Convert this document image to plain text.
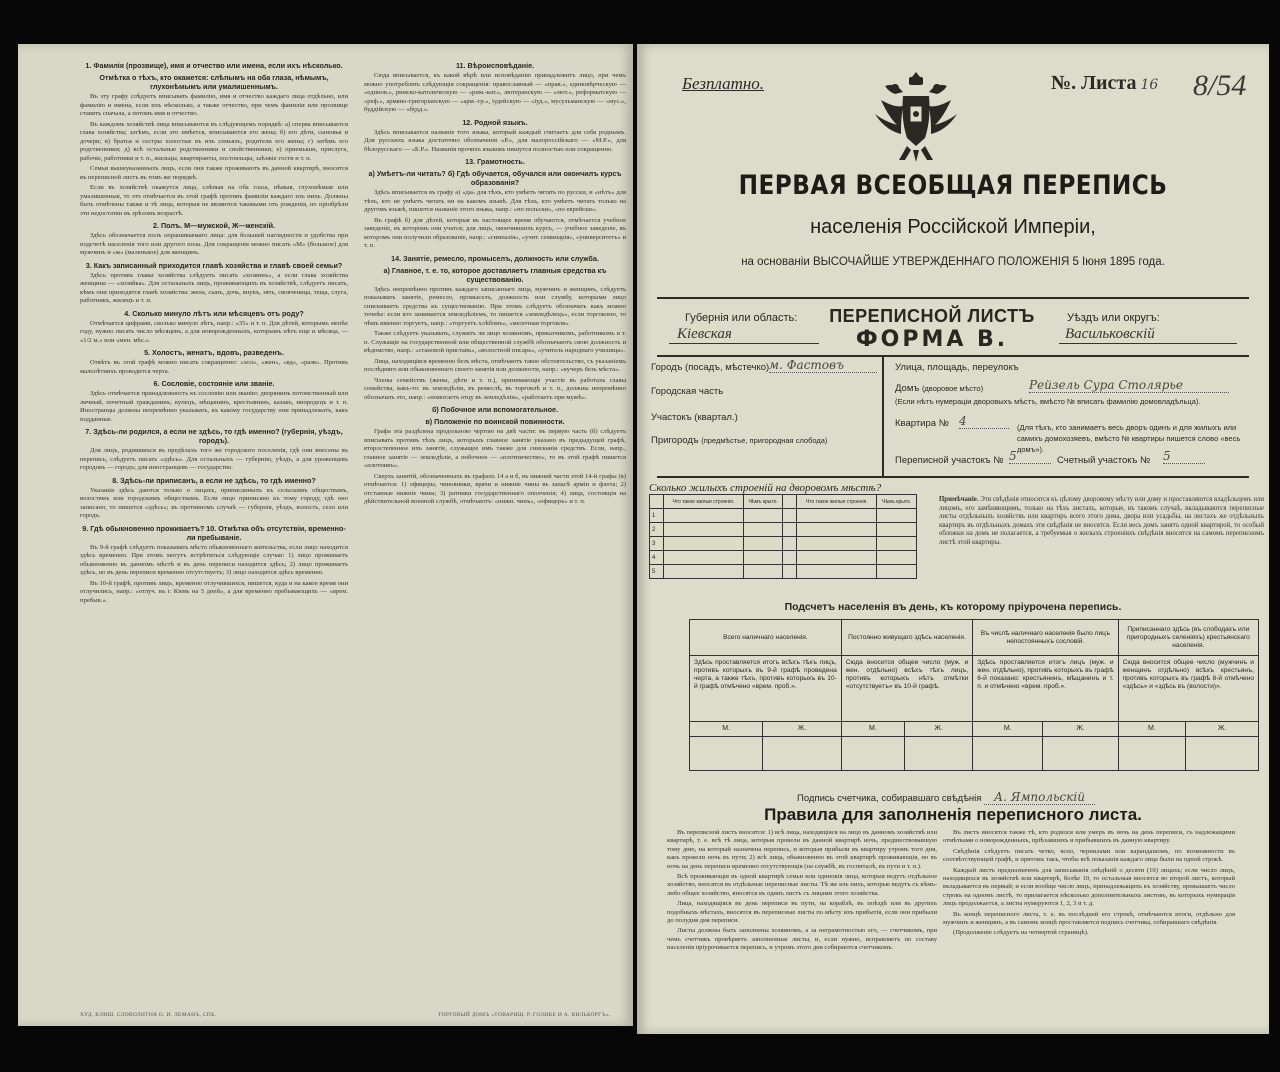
1. Фамилія (прозвище), имя и отчество или имена, если ихъ нѣсколько.
Отмѣтка о тѣхъ, кто окажется: слѣпымъ на оба глаза, нѣмымъ, глухонѣмымъ или умалишеннымъ.

Въ эту графу слѣдуетъ вписывать фамилію, имя и отчество каждаго лица отдѣльно, или фамилію и имена, если ихъ нѣсколько, а также отчество, при чемъ фамиліи или прозвище ставятъ сначала, а потомъ имя и отчество.

Въ каждомъ хозяйствѣ лица вписываются въ слѣдующемъ порядкѣ: а) сперва вписывается глава хозяйства; затѣмъ, если это имѣется, вписываются его жена; б) его дѣти, сыновья и дочери; в) братья и сестры холостые въ ихъ семьяхъ, родители его жены; г) затѣмъ его родственники; д) всѣ остальные родственники и свойственники; е) приемыши, прислуга, рабочіе, работники и т. п., жильцы, квартиранты, постояльцы, заѣзжіе гости и т. п.

Семьи вышеуказанныхъ лицъ, если они также проживаютъ въ данной квартирѣ, вносятся въ переписной листъ въ томъ же порядкѣ.

Если въ хозяйствѣ окажутся лица, слѣпыя на оба глаза, нѣмыя, глухонѣмыя или умалишенныя, то это отмѣчается въ этой графѣ противъ фамиліи каждаго изъ нихъ. Должны быть отмѣчены также и тѣ лица, которыя не являются таковыми отъ рожденія, но пріобрѣли эти недостатки въ зрѣломъ возрастѣ.

2. Полъ. М—мужской, Ж—женскій.

Здѣсь обозначается полъ опрашиваемаго лица: для большей наглядности и удобства при подсчетѣ населенія того или другого пола. Для сокращенія можно писать «М» (большое) для мужчинъ и «ж» (маленькое) для женщинъ.

3. Какъ записанный приходится главѣ хозяйства и главѣ своей семьи?

Здѣсь противъ главы хозяйства слѣдуетъ писать «хозяинъ», а если глава хозяйства женщина — «хозяйка». Для остальныхъ лицъ, проживающихъ въ хозяйствѣ, слѣдуетъ писать, кѣмъ они приходятся главѣ хозяйства: жена, сынъ, дочь, внукъ, зять, свояченица, теща, слуга, работникъ, жилецъ и т. п.

4. Сколько минуло лѣтъ или мѣсяцевъ отъ роду?

Отмѣчается цифрами, сколько минуло лѣтъ, напр.: «35» и т. п. Для дѣтей, которымъ менѣе году, нужно писать число мѣсяцевъ, а для новорожденныхъ, которымъ нѣтъ еще и мѣсяца, — «1/2 м.» или «мен. мѣс.».

5. Холостъ, женатъ, вдовъ, разведенъ.

Отвѣтъ въ этой графѣ можно писать сокращенно: «хол», «жен», «вд», «разв». Противъ малолѣтнихъ проводится черта.

6. Сословіе, состояніе или званіе.

Здѣсь отмѣчается принадлежность къ сословію или званію: дворянинъ потомственный или личный, почетный гражданинъ, купецъ, мѣщанинъ, крестьянинъ, казакъ, инородецъ и т. п. Иностранцы должны непремѣнно указывать, къ какому государству они принадлежатъ, какъ подданные.

7. Здѣсь-ли родился, а если не здѣсь, то гдѣ именно? (губернія, уѣздъ, городъ).

Для лицъ, родившихся въ предѣлахъ того же городского поселенія, гдѣ они внесены въ перепись, слѣдуетъ писать «здѣсь». Для остальныхъ — губернію, уѣздъ, а для уроженцевъ городовъ — городъ; для иностранцевъ — государство.

8. Здѣсь-ли приписанъ, а если не здѣсь, то гдѣ именно?

Указанія здѣсь даются только о лицахъ, приписанныхъ къ сельскимъ обществамъ, волостямъ или городскимъ обществамъ. Если лицо приписано къ тому городу, гдѣ оно записано, то пишется «здѣсь»; въ противномъ случаѣ — губернія, уѣздъ, волость, село или городъ.

9. Гдѣ обыкновенно проживаетъ? 10. Отмѣтка объ отсутствіи, временно-ли пребываніе.

Въ 9-й графѣ слѣдуетъ показывать мѣсто обыкновеннаго жительства, если лицо находится здѣсь временно. При этомъ могутъ встрѣтиться слѣдующіе случаи: 1) лицо проживаетъ обыкновенно въ данномъ мѣстѣ и въ день переписи находится здѣсь; 2) лицо проживаетъ здѣсь, но въ день переписи временно отсутствуетъ; 3) лицо находится здѣсь временно.

Въ 10-й графѣ, противъ лицъ, временно отлучившихся, пишется, куда и на какое время они отлучились, напр.: «отлуч. въ г. Кіевъ на 5 дней», а для временно пребывающихъ — «врем. пребыв.».

11. Вѣроисповѣданіе.

Сюда вписывается, къ какой вѣрѣ или исповѣданію принадлежитъ лицо, при чемъ можно употреблять слѣдующія сокращенія: православный — «прав.», единовѣрческую — «единов.», римско-католическую — «рим.-кат.», лютеранскую — «лют.», реформатскую — «реф.», армяно-григоріанскую — «арм.-гр.», іудейскую — «іуд.», мусульманскую — «мус.», буддійскую — «будд.».

12. Родной языкъ.

Здѣсь вписывается названіе того языка, который каждый считаетъ для себя роднымъ. Для русскихъ языка достаточно обозначенія «Р.», для малороссійскаго — «М.Р.», для бѣлорусскаго — «Б.Р.». Названія прочихъ языковъ пишутся полностью или сокращенно.

13. Грамотность.
а) Умѣетъ-ли читать? б) Гдѣ обучается, обучался или окончилъ курсъ образованія?

Здѣсь вписывается въ графу а) «да» для тѣхъ, кто умѣетъ читать по русски, и «нѣтъ» для тѣхъ, кто не умѣетъ читать ни на какомъ языкѣ. Для тѣхъ, кто умѣетъ читать только на другомъ языкѣ, пишется названіе этого языка, напр.: «по польски», «по еврейски».

Въ графѣ б) для дѣтей, которыя въ настоящее время обучаются, отмѣчается учебное заведеніе, въ которомъ они учатся; для лицъ, окончившихъ курсъ, — учебное заведеніе, въ которомъ они получили образованіе, напр.: «гимназія», «учит. семинарія», «университетъ» и т. п.

14. Занятіе, ремесло, промыселъ, должность или служба.
а) Главное, т. е. то, которое доставляетъ главныя средства къ существованію.

Здѣсь непремѣнно противъ каждаго записаннаго лица, мужчинъ и женщинъ, слѣдуетъ показывать занятіе, ремесло, промыселъ, должность или службу, которыми лицо снискиваетъ средства къ существованію. При этомъ слѣдуетъ обозначать какъ можно точнѣе: если кто занимается земледѣліемъ, то пишется «земледѣлецъ», если торговлею, то чѣмъ именно торгуетъ, напр.: «торгуетъ хлѣбомъ», «мелочная торговля».

Также слѣдуетъ указывать, служитъ ли лицо хозяиномъ, приказчикомъ, работникомъ и т. п. Служащіе на государственной или общественной службѣ обозначаютъ свою должность и вѣдомство, напр.: «становой приставъ», «волостной писарь», «учитель народнаго училища».

Лица, находящіяся временно безъ мѣста, отмѣчаютъ такое обстоятельство, съ указаніемъ послѣдняго или обыкновеннаго своего занятія или должности, напр.: «кучеръ безъ мѣста».

Члены семействъ (жены, дѣти и т. п.), принимающіе участіе въ работахъ главы семейства, какъ-то: въ земледѣліи, въ ремеслѣ, въ торговлѣ и т. п., должны непремѣнно обозначать это, напр.: «помогаетъ отцу въ земледѣліи», «работаетъ при мужѣ».

б) Побочное или вспомогательное.
в) Положеніе по воинской повинности.

Графа эта раздѣлена продольною чертою на двѣ части: въ первую часть (б) слѣдуетъ вписывать противъ тѣхъ лицъ, которыхъ главное занятіе указано въ предыдущей графѣ, второстепенное ихъ занятіе, служащее имъ также для снисканія средствъ. Если, напр., главное занятіе — земледѣліе, а побочное — «плотничество», то въ этой графѣ пишется «плотникъ».

Сверхъ занятій, обозначенныхъ въ графахъ 14 а и б, въ нижней части этой 14-й графы (в) отмѣчается: 1) офицеры, чиновники, врачи и нижніе чины въ запасѣ арміи и флота; 2) отставные нижніе чины; 3) ратники государственнаго ополченія; 4) лица, состоящія на дѣйствительной военной службѣ, отмѣчаютъ: «нижн. чинъ», «офицеръ» и т. п.

ХУД. КЛИШ. СЛОВОЛИТНЯ О. И. ЛЕМАНЪ, СПБ.	ТОРГОВЫЙ ДОМЪ «ТОВАРИЩ. Р. ГОЛИКЕ И А. ВИЛЬБОРГЪ».
Безплатно.	№. Листа 16 8/54
ПЕРВАЯ ВСЕОБЩАЯ ПЕРЕПИСЬ
населенія Россійской Имперіи,
на основаніи ВЫСОЧАЙШЕ УТВЕРЖДЕННАГО ПОЛОЖЕНІЯ 5 Іюня 1895 года.
Губернія или область:
Кіевская
ПЕРЕПИСНОЙ ЛИСТЪ
ФОРМА В.
Уѣздъ или округъ:
Васильковскій
Городъ (посадъ, мѣстечко) м. Фастовъ
Городская часть
Участокъ (квартал.)
Пригородъ (предмѣстье, пригородная слобода)
Улица, площадь, переулокъ
Домъ (дворовое мѣсто)	Рейзель Сура Столярье
(Если нѣтъ нумераціи дворовыхъ мѣстъ, вмѣсто № вписать фамилію домовладѣльца).
Квартира № 4	(Для тѣхъ, кто занимаетъ весь дворъ одинъ и для жилыхъ или самихъ домохозяевъ, вмѣсто № квартиры пишется слово «весь домъ»).
Переписной участокъ № 5	Счетный участокъ № 5
Сколько жилыхъ строеній на дворовомъ мѣстѣ?
	Что такое жилыя строенія.	Чѣмъ крыто.		Что такое жилыя строенія.	Чѣмъ крыто.
1					
2					
3					
4					
5					
Примѣчаніе. Эти свѣдѣнія относятся къ цѣлому дворовому мѣсту или дому и проставляются владѣльцемъ или лицомъ, его замѣняющимъ, только на тѣхъ листахъ, которые, въ такомъ случаѣ, вкладываются переписные листы отдѣльныхъ хозяйствъ или квартиръ всего этого дома, двора или усадьбы, на листахъ же отдѣльныхъ квартиръ въ отдѣльныхъ домахъ эти свѣдѣнія не вносятся. Если весь домъ занятъ одной квартирой, то особый обложки на домъ не полагается, а требуемыя о жилыхъ строеніяхъ свѣдѣнія вносятся на самомъ переписномъ листѣ этой квартиры.
Подсчетъ населенія въ день, къ которому пріурочена перепись.
Всего наличнаго населенія.		Постоянно живущаго здѣсь населенія.		Въ числѣ наличнаго населенія было лицъ непостоянныхъ сословій.		Приписаннаго здѣсь (въ слободахъ или пригородныхъ селеніяхъ) крестьянскаго населенія.	
Здѣсь проставляется итогъ всѣхъ тѣхъ лицъ, противъ которыхъ въ 9-й графѣ проведена черта, а также тѣхъ, противъ которыхъ въ 10-й графѣ отмѣчено «врем. проб.».		Сюда вносится общее число (муж. и жен. отдѣльно) всѣхъ тѣхъ лицъ, противъ которыхъ нѣтъ отмѣтки «отсутствуетъ» въ 10-й графѣ.		Здѣсь проставляется итогъ лицъ (муж. и жен. отдѣльно), противъ которыхъ въ графѣ 6-й показано: крестьянинъ, мѣщанинъ и т. п. и отмѣчено «врем. проб.».		Сюда вносится общее число (мужчинъ и женщинъ отдѣльно) всѣхъ крестьянъ, противъ которыхъ въ графѣ 8-й отмѣчено «здѣсь» и «здѣсь въ (волости)».	
М.	Ж.	М.	Ж.	М.	Ж.	М.	Ж.

Подпись счетчика, собиравшаго свѣдѣнія А. Ямпольскій
Правила для заполненія переписного листа.

Въ переписной листъ вносятся: 1) всѣ лица, находящіяся на лицо въ данномъ хозяйствѣ или квартирѣ, т. е. всѣ тѣ лица, которыя провели въ данной квартирѣ ночь, предшествовавшую тому дню, на который назначена перепись, и которыя прибыли въ квартиру утромъ того дня, какъ провели ночь въ пути; 2) всѣ лица, обыкновенно въ этой квартирѣ проживающія, но въ ночь на день переписи временно отсутствующія (на службѣ, въ госпиталѣ, въ пути и т. п.).

Всѣ проживающія въ одной квартирѣ семьи или одинокія лица, которыя ведутъ отдѣльное хозяйство, вносятся въ отдѣльные переписные листы. Тѣ же изъ нихъ, которые ведутъ съ кѣмъ-либо общее хозяйство, вносятся въ одинъ листъ съ лицами этого хозяйства.

Лица, находящіяся въ день переписи въ пути, на кораблѣ, въ поѣздѣ или въ другихъ подобныхъ мѣстахъ, вносятся въ переписные листы по мѣсту ихъ прибытія, если они прибыли до полудня дня переписи.

Листы должны быть заполнены хозяиномъ, а за неграмотностью его, — счетчикомъ, при чемъ счетчикъ провѣряетъ заполненные листы, и, если нужно, исправляетъ по составу населенія пріурочивается перепись, и утромъ этого дня собираются счетчикомъ.

Въ листъ вносятся также тѣ, кто родился или умеръ въ ночь на день переписи, съ надлежащими отмѣтками о новорожденныхъ, пріѣхавшихъ и прибывшихъ въ данную квартиру.

Свѣдѣнія слѣдуетъ писать четко, ясно, чернилами или карандашомъ, по возможности въ соотвѣтствующей графѣ, и притомъ такъ, чтобы всѣ показанія каждаго лица были на одной строкѣ.

Каждый листъ предназначенъ для записыванія свѣдѣній о десяти (10) лицахъ; если число лицъ, находящихся въ хозяйствѣ или квартирѣ, болѣе 10, то остальныя вносятся во второй листъ, который вкладывается въ первый; и если вообще число лицъ, принадлежащихъ къ хозяйству, превышаетъ число строкъ на одномъ листѣ, то прилагается нѣсколько дополнительныхъ листовъ, въ которыхъ нумерація лицъ продолжается, а листы нумеруются 1, 2, 3 и т. д.

Въ концѣ переписного листа, т. е. въ послѣдней его строкѣ, отмѣчаются итоги, отдѣльно для мужчинъ и женщинъ, а въ самомъ концѣ проставляется подпись счетчика, собиравшаго свѣдѣнія.

(Продолженіе слѣдуетъ на четвертой страницѣ).
